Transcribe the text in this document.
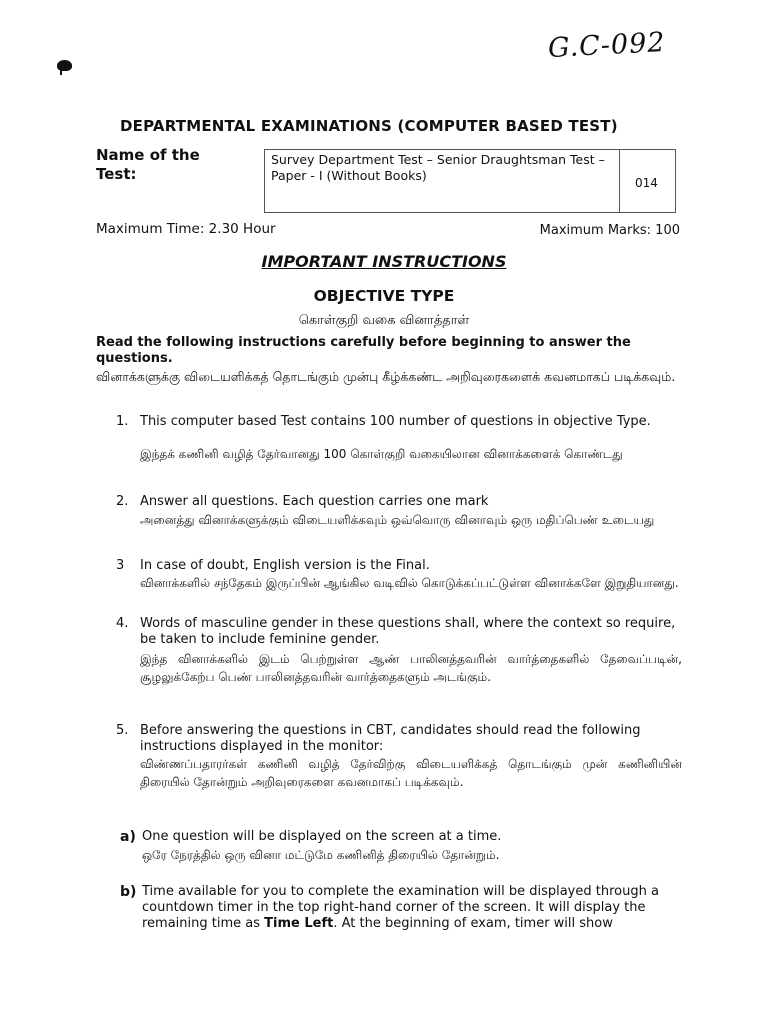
G.C-092
DEPARTMENTAL EXAMINATIONS (COMPUTER BASED TEST)
Name of the Test:
Survey Department Test – Senior Draughtsman Test – Paper - I (Without Books)	014
Maximum Time: 2.30 Hour	Maximum Marks: 100
IMPORTANT INSTRUCTIONS
OBJECTIVE TYPE
கொள்குறி வகை வினாத்தாள்
Read the following instructions carefully before beginning to answer the questions.
வினாக்களுக்கு விடையளிக்கத் தொடங்கும் முன்பு கீழ்க்கண்ட அறிவுரைகளைக் கவனமாகப் படிக்கவும்.
1. This computer based Test contains 100 number of questions in objective Type.
இந்தக் கணினி வழித் தேர்வானது 100 கொள்குறி வகையிலான வினாக்களைக் கொண்டது
2. Answer all questions. Each question carries one mark
அனைத்து வினாக்களுக்கும் விடையளிக்கவும் ஒவ்வொரு வினாவும் ஒரு மதிப்பெண் உடையது
3 In case of doubt, English version is the Final.
வினாக்களில் சந்தேகம் இருப்பின் ஆங்கில வடிவில் கொடுக்கப்பட்டுள்ள வினாக்களே இறுதியானது.
4. Words of masculine gender in these questions shall, where the context so require, be taken to include feminine gender.
இந்த வினாக்களில் இடம் பெற்றுள்ள ஆண் பாலினத்தவரின் வார்த்தைகளில் தேவைப்படின், சூழலுக்கேற்ப பெண் பாலினத்தவரின் வார்த்தைகளும் அடங்கும்.
5. Before answering the questions in CBT, candidates should read the following instructions displayed in the monitor:
விண்ணப்பதாரர்கள் கணினி வழித் தேர்விற்கு விடையளிக்கத் தொடங்கும் முன் கணினியின் திரையில் தோன்றும் அறிவுரைகளை கவனமாகப் படிக்கவும்.
a) One question will be displayed on the screen at a time.
ஒரே நேரத்தில் ஒரு வினா மட்டுமே கணினித் திரையில் தோன்றும்.
b) Time available for you to complete the examination will be displayed through a countdown timer in the top right-hand corner of the screen. It will display the remaining time as Time Left. At the beginning of exam, timer will show
